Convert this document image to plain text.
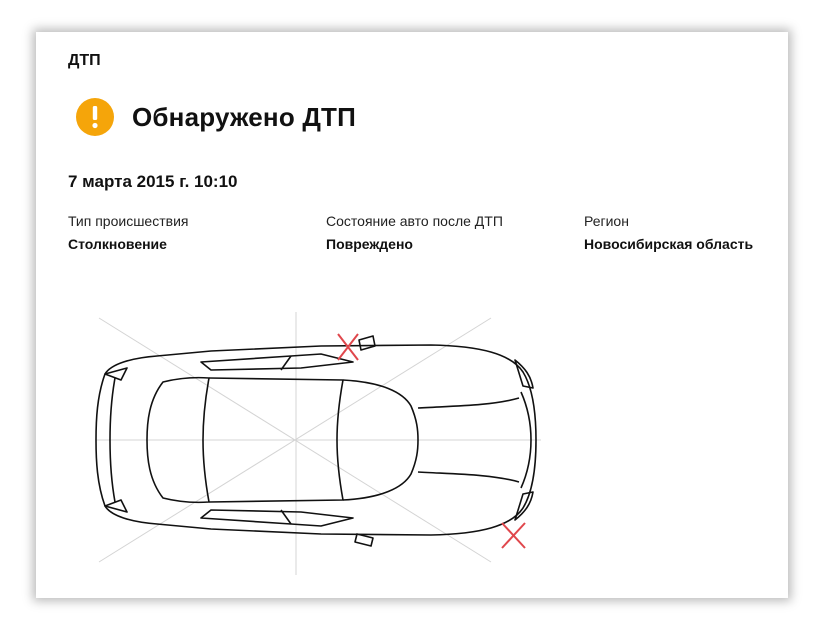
ДТП
Обнаружено ДТП
7 марта 2015 г. 10:10
Тип происшествия
Столкновение
Состояние авто после ДТП
Повреждено
Регион
Новосибирская область
